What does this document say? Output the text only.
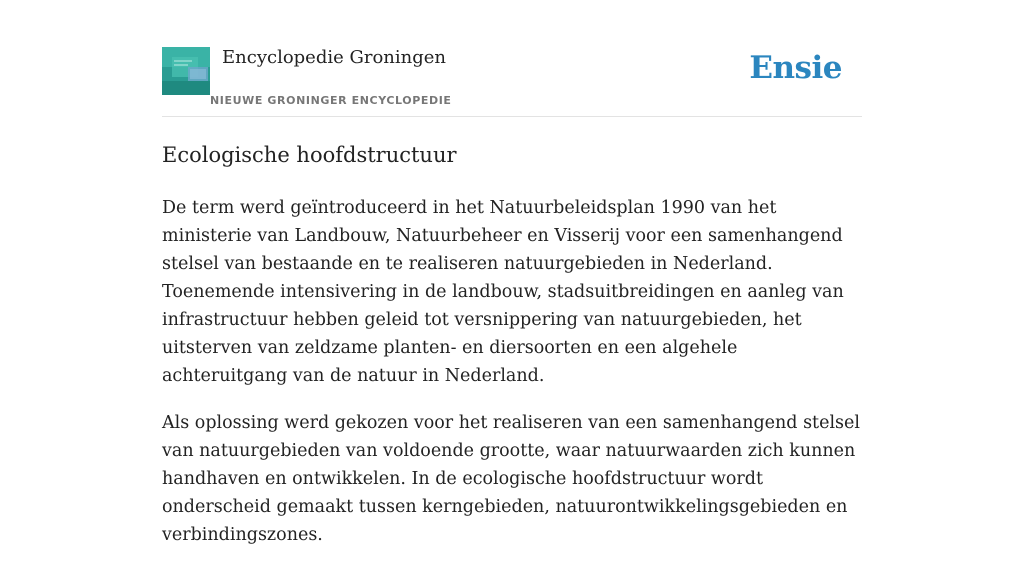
Encyclopedie Groningen
NIEUWE GRONINGER ENCYCLOPEDIE
Ensie
Ecologische hoofdstructuur

De term werd geïntroduceerd in het Natuurbeleidsplan 1990 van het ministerie van Landbouw, Natuurbeheer en Visserij voor een samenhangend stelsel van bestaande en te realiseren natuurgebieden in Nederland. Toenemende intensivering in de landbouw, stadsuitbreidingen en aanleg van infrastructuur hebben geleid tot versnippering van natuurgebieden, het uitsterven van zeldzame planten- en diersoorten en een algehele achteruitgang van de natuur in Nederland.

Als oplossing werd gekozen voor het realiseren van een samenhangend stelsel van natuurgebieden van voldoende grootte, waar natuurwaarden zich kunnen handhaven en ontwikkelen. In de ecologische hoofdstructuur wordt onderscheid gemaakt tussen kerngebieden, natuurontwikkelingsgebieden en verbindingszones.
